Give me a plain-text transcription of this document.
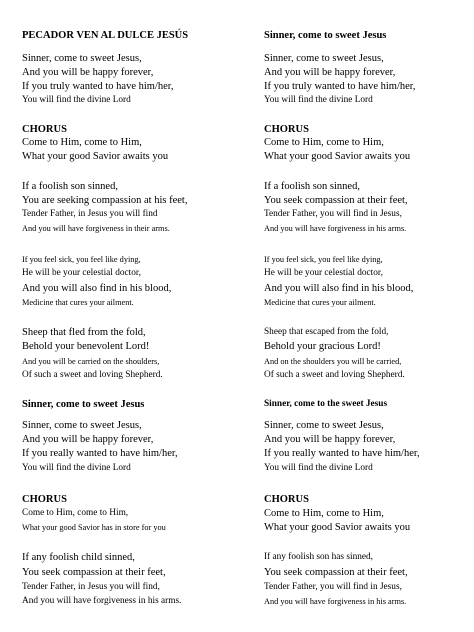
PECADOR VEN AL DULCE JESÚS
Sinner, come to sweet Jesus,
And you will be happy forever,
If you truly wanted to have him/her,
You will find the divine Lord
CHORUS
Come to Him, come to Him,
What your good Savior awaits you
If a foolish son sinned,
You are seeking compassion at his feet,
Tender Father, in Jesus you will find
And you will have forgiveness in their arms.
If you feel sick, you feel like dying,
He will be your celestial doctor,
And you will also find in his blood,
Medicine that cures your ailment.
Sheep that fled from the fold,
Behold your benevolent Lord!
And you will be carried on the shoulders,
Of such a sweet and loving Shepherd.
Sinner, come to sweet Jesus
Sinner, come to sweet Jesus,
And you will be happy forever,
If you really wanted to have him/her,
You will find the divine Lord
CHORUS
Come to Him, come to Him,
What your good Savior has in store for you
If any foolish child sinned,
You seek compassion at their feet,
Tender Father, in Jesus you will find,
And you will have forgiveness in his arms.
Sinner, come to sweet Jesus
Sinner, come to sweet Jesus,
And you will be happy forever,
If you truly wanted to have him/her,
You will find the divine Lord
CHORUS
Come to Him, come to Him,
What your good Savior awaits you
If a foolish son sinned,
You seek compassion at their feet,
Tender Father, you will find in Jesus,
And you will have forgiveness in his arms.
If you feel sick, you feel like dying,
He will be your celestial doctor,
And you will also find in his blood,
Medicine that cures your ailment.
Sheep that escaped from the fold,
Behold your gracious Lord!
And on the shoulders you will be carried,
Of such a sweet and loving Shepherd.
Sinner, come to the sweet Jesus
Sinner, come to sweet Jesus,
And you will be happy forever,
If you really wanted to have him/her,
You will find the divine Lord
CHORUS
Come to Him, come to Him,
What your good Savior awaits you
If any foolish son has sinned,
You seek compassion at their feet,
Tender Father, you will find in Jesus,
And you will have forgiveness in his arms.
